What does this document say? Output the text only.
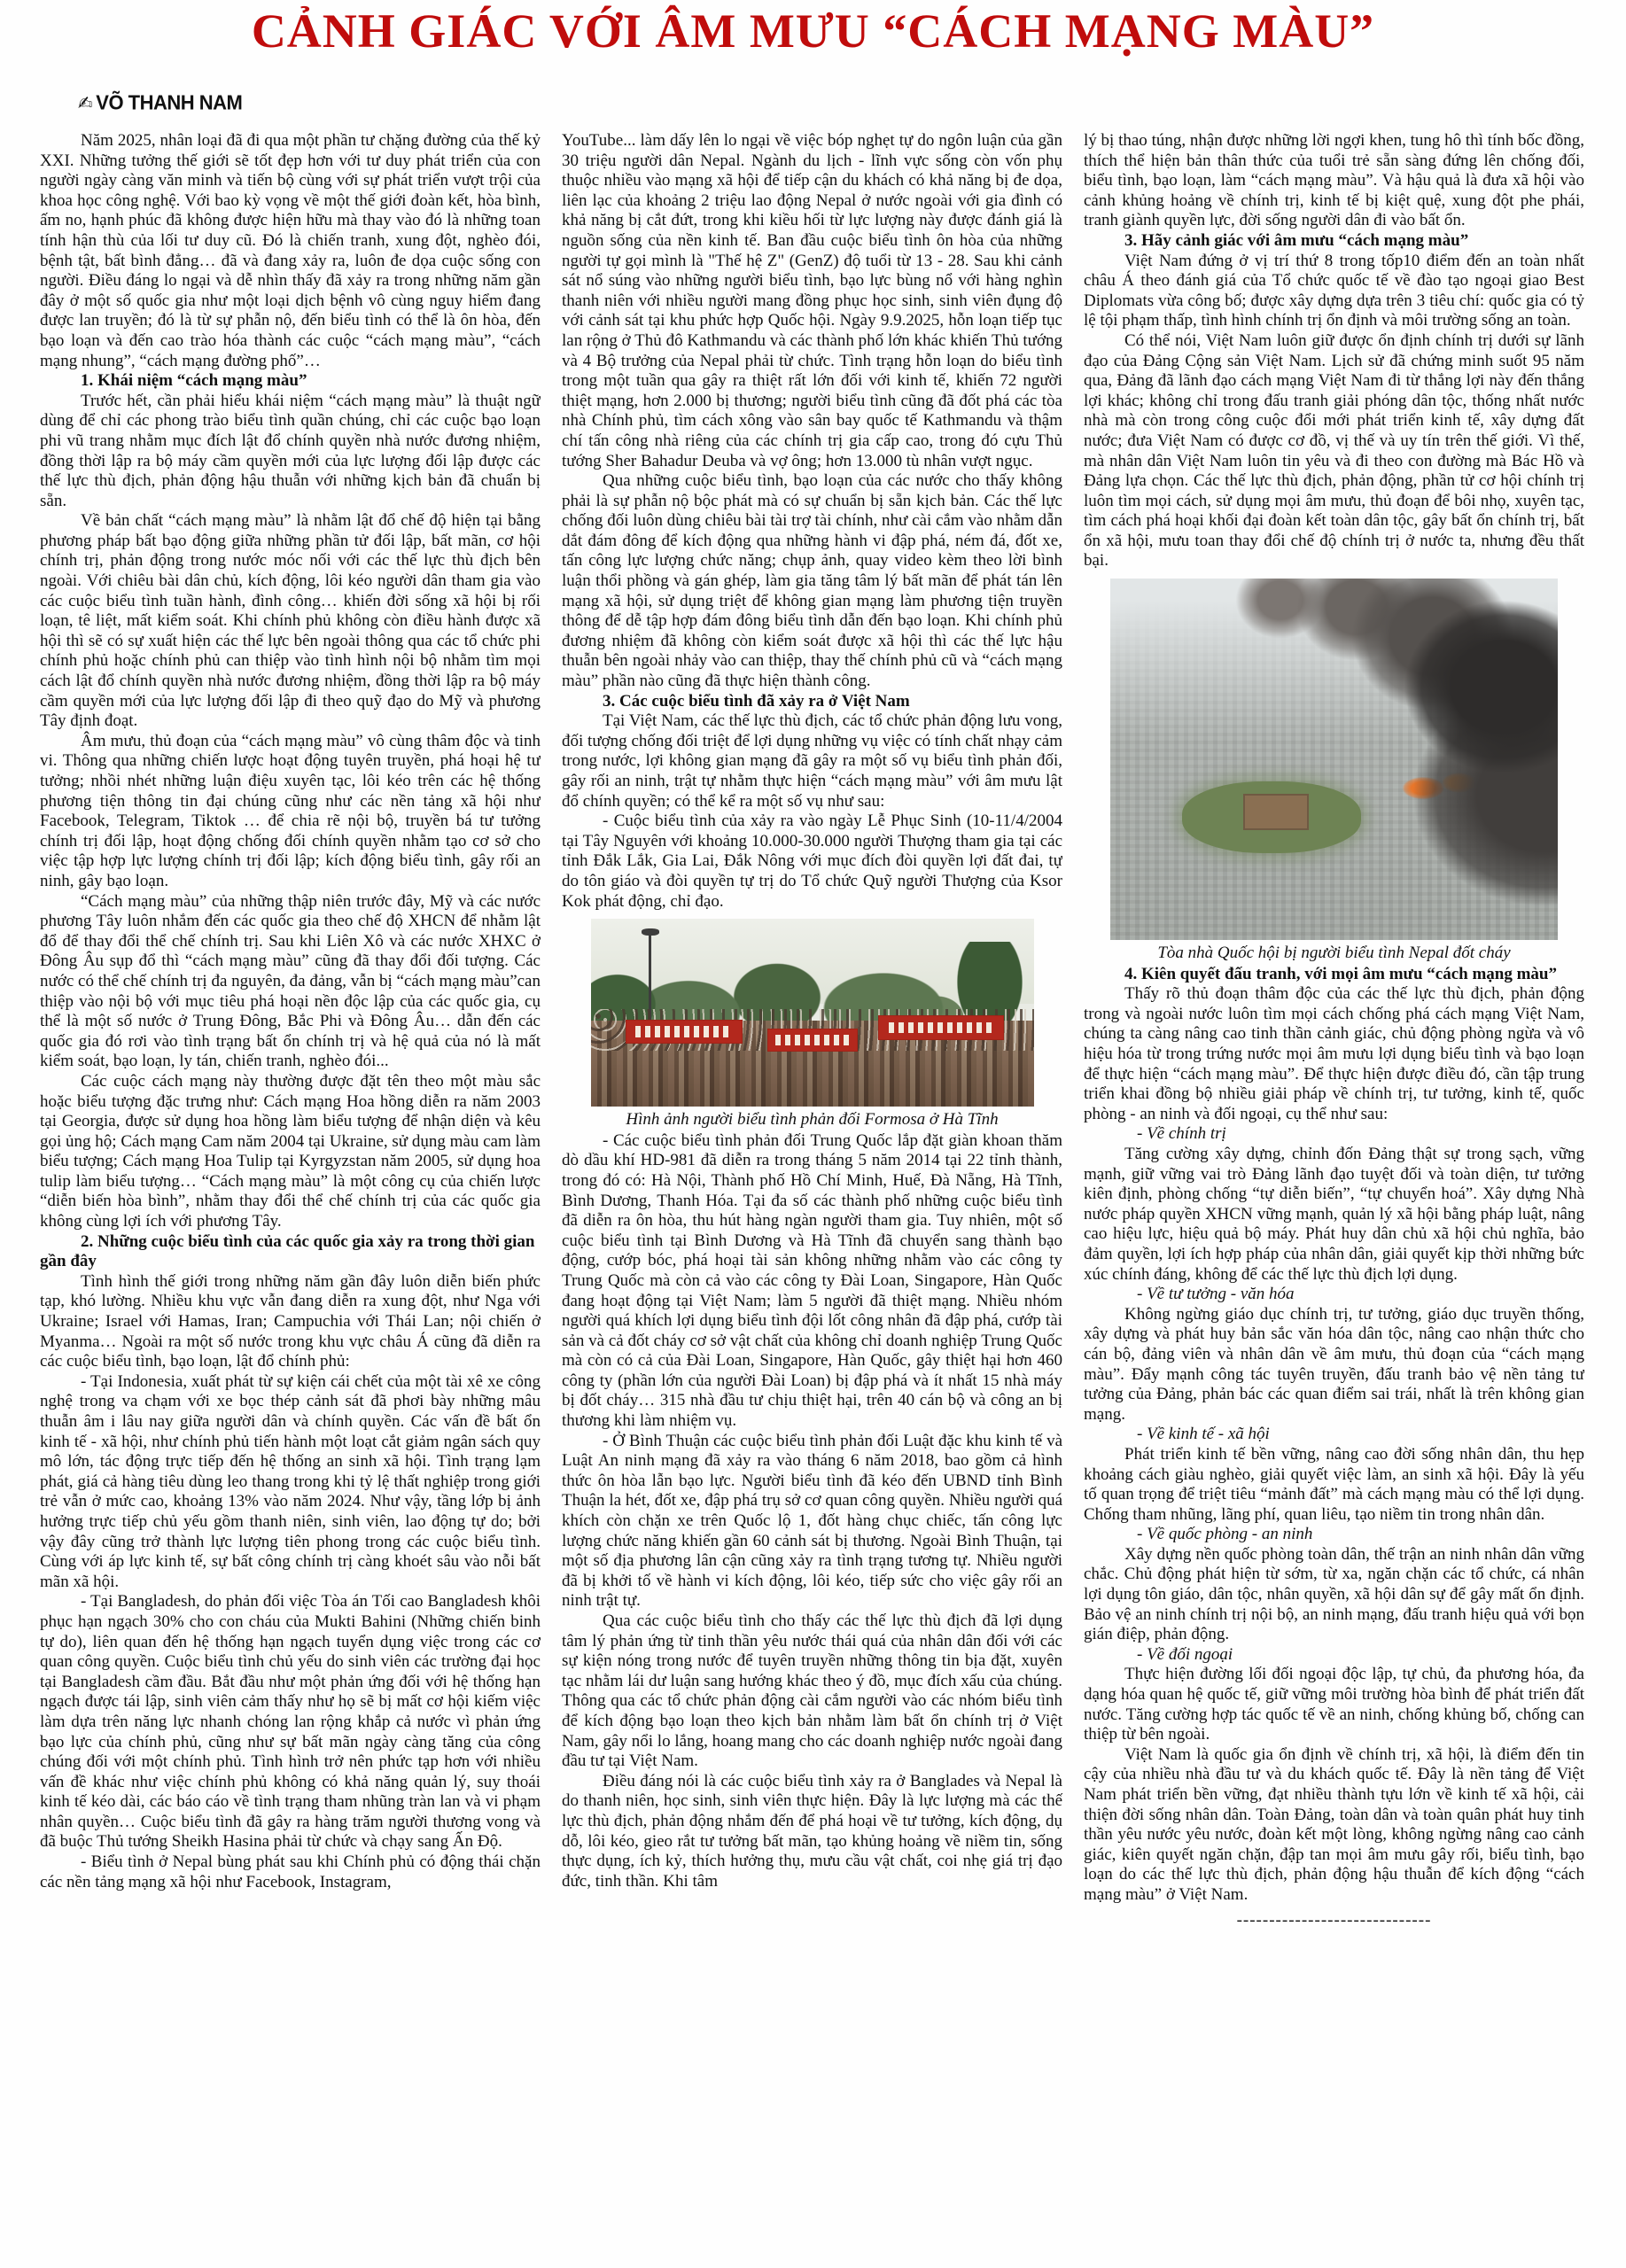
CẢNH GIÁC VỚI ÂM MƯU “CÁCH MẠNG MÀU”
✍ VÕ THANH NAM

Năm 2025, nhân loại đã đi qua một phần tư chặng đường của thế kỷ XXI. Những tưởng thế giới sẽ tốt đẹp hơn với tư duy phát triển của con người ngày càng văn minh và tiến bộ cùng với sự phát triển vượt trội của khoa học công nghệ. Với bao kỳ vọng về một thế giới đoàn kết, hòa bình, ấm no, hạnh phúc đã không được hiện hữu mà thay vào đó là những toan tính hận thù của lối tư duy cũ. Đó là chiến tranh, xung đột, nghèo đói, bệnh tật, bất bình đẳng… đã và đang xảy ra, luôn đe dọa cuộc sống con người. Điều đáng lo ngại và dễ nhìn thấy đã xảy ra trong những năm gần đây ở một số quốc gia như một loại dịch bệnh vô cùng nguy hiểm đang được lan truyền; đó là từ sự phẫn nộ, đến biểu tình có thể là ôn hòa, đến bạo loạn và đến cao trào hóa thành các cuộc “cách mạng màu”, “cách mạng nhung”, “cách mạng đường phố”…

1. Khái niệm “cách mạng màu”

Trước hết, cần phải hiểu khái niệm “cách mạng màu” là thuật ngữ dùng để chỉ các phong trào biểu tình quần chúng, chỉ các cuộc bạo loạn phi vũ trang nhằm mục đích lật đổ chính quyền nhà nước đương nhiệm, đồng thời lập ra bộ máy cầm quyền mới của lực lượng đối lập được các thế lực thù địch, phản động hậu thuẫn với những kịch bản đã chuẩn bị sẵn.

Về bản chất “cách mạng màu” là nhằm lật đổ chế độ hiện tại bằng phương pháp bất bạo động giữa những phần tử đối lập, bất mãn, cơ hội chính trị, phản động trong nước móc nối với các thế lực thù địch bên ngoài. Với chiêu bài dân chủ, kích động, lôi kéo người dân tham gia vào các cuộc biểu tình tuần hành, đình công… khiến đời sống xã hội bị rối loạn, tê liệt, mất kiểm soát. Khi chính phủ không còn điều hành được xã hội thì sẽ có sự xuất hiện các thế lực bên ngoài thông qua các tổ chức phi chính phủ hoặc chính phủ can thiệp vào tình hình nội bộ nhằm tìm mọi cách lật đổ chính quyền nhà nước đương nhiệm, đồng thời lập ra bộ máy cầm quyền mới của lực lượng đối lập đi theo quỹ đạo do Mỹ và phương Tây định đoạt.

Âm mưu, thủ đoạn của “cách mạng màu” vô cùng thâm độc và tinh vi. Thông qua những chiến lược hoạt động tuyên truyền, phá hoại hệ tư tưởng; nhồi nhét những luận điệu xuyên tạc, lôi kéo trên các hệ thống phương tiện thông tin đại chúng cũng như các nền tảng xã hội như Facebook, Telegram, Tiktok … để chia rẽ nội bộ, truyền bá tư tưởng chính trị đối lập, hoạt động chống đối chính quyền nhằm tạo cơ sở cho việc tập hợp lực lượng chính trị đối lập; kích động biểu tình, gây rối an ninh, gây bạo loạn.

“Cách mạng màu” của những thập niên trước đây, Mỹ và các nước phương Tây luôn nhắm đến các quốc gia theo chế độ XHCN để nhằm lật đổ để thay đổi thể chế chính trị. Sau khi Liên Xô và các nước XHXC ở Đông Âu sụp đổ thì “cách mạng màu” cũng đã thay đổi đối tượng. Các nước có thể chế chính trị đa nguyên, đa đảng, vẫn bị “cách mạng màu”can thiệp vào nội bộ với mục tiêu phá hoại nền độc lập của các quốc gia, cụ thể là một số nước ở Trung Đông, Bắc Phi và Đông Âu… dẫn đến các quốc gia đó rơi vào tình trạng bất ổn chính trị và hệ quả của nó là mất kiểm soát, bạo loạn, ly tán, chiến tranh, nghèo đói...

Các cuộc cách mạng này thường được đặt tên theo một màu sắc hoặc biểu tượng đặc trưng như: Cách mạng Hoa hồng diễn ra năm 2003 tại Georgia, được sử dụng hoa hồng làm biểu tượng để nhận diện và kêu gọi ủng hộ; Cách mạng Cam năm 2004 tại Ukraine, sử dụng màu cam làm biểu tượng; Cách mạng Hoa Tulip tại Kyrgyzstan năm 2005, sử dụng hoa tulip làm biểu tượng… “Cách mạng màu” là một công cụ của chiến lược “diễn biến hòa bình”, nhằm thay đổi thể chế chính trị của các quốc gia không cùng lợi ích với phương Tây.

2. Những cuộc biểu tình của các quốc gia xảy ra trong thời gian gần đây

Tình hình thế giới trong những năm gần đây luôn diễn biến phức tạp, khó lường. Nhiều khu vực vẫn đang diễn ra xung đột, như Nga với Ukraine; Israel với Hamas, Iran; Campuchia với Thái Lan; nội chiến ở Myanma… Ngoài ra một số nước trong khu vực châu Á cũng đã diễn ra các cuộc biểu tình, bạo loạn, lật đổ chính phủ:

- Tại Indonesia, xuất phát từ sự kiện cái chết của một tài xê xe công nghệ trong va chạm với xe bọc thép cảnh sát đã phơi bày những mâu thuẫn âm i lâu nay giữa người dân và chính quyền. Các vấn đề bất ổn kinh tế - xã hội, như chính phủ tiến hành một loạt cắt giảm ngân sách quy mô lớn, tác động trực tiếp đến hệ thống an sinh xã hội. Tình trạng lạm phát, giá cả hàng tiêu dùng leo thang trong khi tỷ lệ thất nghiệp trong giới trẻ vẫn ở mức cao, khoảng 13% vào năm 2024. Như vậy, tầng lớp bị ảnh hưởng trực tiếp chủ yếu gồm thanh niên, sinh viên, lao động tự do; bởi vậy đây cũng trở thành lực lượng tiên phong trong các cuộc biểu tình. Cùng với áp lực kinh tế, sự bất công chính trị càng khoét sâu vào nỗi bất mãn xã hội.

- Tại Bangladesh, do phản đối việc Tòa án Tối cao Bangladesh khôi phục hạn ngạch 30% cho con cháu của Mukti Bahini (Những chiến binh tự do), liên quan đến hệ thống hạn ngạch tuyển dụng việc trong các cơ quan công quyền. Cuộc biểu tình chủ yếu do sinh viên các trường đại học tại Bangladesh cầm đầu. Bắt đầu như một phản ứng đối với hệ thống hạn ngạch được tái lập, sinh viên cảm thấy như họ sẽ bị mất cơ hội kiếm việc làm dựa trên năng lực nhanh chóng lan rộng khắp cả nước vì phản ứng bạo lực của chính phủ, cũng như sự bất mãn ngày càng tăng của công chúng đối với một chính phủ. Tình hình trở nên phức tạp hơn với nhiều vấn đề khác như việc chính phủ không có khả năng quản lý, suy thoái kinh tế kéo dài, các báo cáo về tình trạng tham nhũng tràn lan và vi phạm nhân quyền… Cuộc biểu tình đã gây ra hàng trăm người thương vong và đã buộc Thủ tướng Sheikh Hasina phải từ chức và chạy sang Ấn Độ.

- Biểu tình ở Nepal bùng phát sau khi Chính phủ có động thái chặn các nền tảng mạng xã hội như Facebook, Instagram,

YouTube... làm dấy lên lo ngại về việc bóp nghẹt tự do ngôn luận của gần 30 triệu người dân Nepal. Ngành du lịch - lĩnh vực sống còn vốn phụ thuộc nhiều vào mạng xã hội để tiếp cận du khách có khả năng bị đe dọa, liên lạc của khoảng 2 triệu lao động Nepal ở nước ngoài với gia đình có khả năng bị cắt đứt, trong khi kiều hối từ lực lượng này được đánh giá là nguồn sống của nền kinh tế. Ban đầu cuộc biểu tình ôn hòa của những người tự gọi mình là "Thế hệ Z" (GenZ) độ tuổi từ 13 - 28. Sau khi cảnh sát nổ súng vào những người biểu tình, bạo lực bùng nổ với hàng nghìn thanh niên với nhiều người mang đồng phục học sinh, sinh viên đụng độ với cảnh sát tại khu phức hợp Quốc hội. Ngày 9.9.2025, hỗn loạn tiếp tục lan rộng ở Thủ đô Kathmandu và các thành phố lớn khác khiến Thủ tướng và 4 Bộ trưởng của Nepal phải từ chức. Tình trạng hỗn loạn do biểu tình trong một tuần qua gây ra thiệt rất lớn đối với kinh tế, khiến 72 người thiệt mạng, hơn 2.000 bị thương; người biểu tình cũng đã đốt phá các tòa nhà Chính phủ, tìm cách xông vào sân bay quốc tế Kathmandu và thậm chí tấn công nhà riêng của các chính trị gia cấp cao, trong đó cựu Thủ tướng Sher Bahadur Deuba và vợ ông; hơn 13.000 tù nhân vượt ngục.

Qua những cuộc biểu tình, bạo loạn của các nước cho thấy không phải là sự phẫn nộ bộc phát mà có sự chuẩn bị sẵn kịch bản. Các thế lực chống đối luôn dùng chiêu bài tài trợ tài chính, như cài cắm vào nhằm dẫn dắt đám đông để kích động qua những hành vi đập phá, ném đá, đốt xe, tấn công lực lượng chức năng; chụp ảnh, quay video kèm theo lời bình luận thổi phồng và gán ghép, làm gia tăng tâm lý bất mãn để phát tán lên mạng xã hội, sử dụng triệt để không gian mạng làm phương tiện truyền thông để dễ tập hợp đám đông biểu tình dẫn đến bạo loạn. Khi chính phủ đương nhiệm đã không còn kiểm soát được xã hội thì các thế lực hậu thuẫn bên ngoài nhảy vào can thiệp, thay thế chính phủ cũ và “cách mạng màu” phần nào cũng đã thực hiện thành công.

3. Các cuộc biểu tình đã xảy ra ở Việt Nam

Tại Việt Nam, các thế lực thù địch, các tổ chức phản động lưu vong, đối tượng chống đối triệt để lợi dụng những vụ việc có tính chất nhạy cảm trong nước, lợi không gian mạng đã gây ra một số vụ biểu tình phản đối, gây rối an ninh, trật tự nhằm thực hiện “cách mạng màu” với âm mưu lật đổ chính quyền; có thể kể ra một số vụ như sau:

- Cuộc biểu tình của xảy ra vào ngày Lễ Phục Sinh (10-11/4/2004 tại Tây Nguyên với khoảng 10.000-30.000 người Thượng tham gia tại các tỉnh Đắk Lắk, Gia Lai, Đắk Nông với mục đích đòi quyền lợi đất đai, tự do tôn giáo và đòi quyền tự trị do Tổ chức Quỹ người Thượng của Ksor Kok phát động, chỉ đạo.

Hình ảnh người biểu tình phản đối Formosa ở Hà Tĩnh

- Các cuộc biểu tình phản đối Trung Quốc lắp đặt giàn khoan thăm dò dầu khí HD-981 đã diễn ra trong tháng 5 năm 2014 tại 22 tỉnh thành, trong đó có: Hà Nội, Thành phố Hồ Chí Minh, Huế, Đà Nẵng, Hà Tĩnh, Bình Dương, Thanh Hóa. Tại đa số các thành phố những cuộc biểu tình đã diễn ra ôn hòa, thu hút hàng ngàn người tham gia. Tuy nhiên, một số cuộc biểu tình tại Bình Dương và Hà Tĩnh đã chuyển sang thành bạo động, cướp bóc, phá hoại tài sản không những nhằm vào các công ty Trung Quốc mà còn cả vào các công ty Đài Loan, Singapore, Hàn Quốc đang hoạt động tại Việt Nam; làm 5 người đã thiệt mạng. Nhiều nhóm người quá khích lợi dụng biểu tình đội lốt công nhân đã đập phá, cướp tài sản và cả đốt cháy cơ sở vật chất của không chỉ doanh nghiệp Trung Quốc mà còn có cả của Đài Loan, Singapore, Hàn Quốc, gây thiệt hại hơn 460 công ty (phần lớn của người Đài Loan) bị đập phá và ít nhất 15 nhà máy bị đốt cháy… 315 nhà đầu tư chịu thiệt hại, trên 40 cán bộ và công an bị thương khi làm nhiệm vụ.

- Ở Bình Thuận các cuộc biểu tình phản đối Luật đặc khu kinh tế và Luật An ninh mạng đã xảy ra vào tháng 6 năm 2018, bao gồm cả hình thức ôn hòa lẫn bạo lực. Người biểu tình đã kéo đến UBND tỉnh Bình Thuận la hét, đốt xe, đập phá trụ sở cơ quan công quyền. Nhiều người quá khích còn chặn xe trên Quốc lộ 1, đốt hàng chục chiếc, tấn công lực lượng chức năng khiến gần 60 cảnh sát bị thương. Ngoài Bình Thuận, tại một số địa phương lân cận cũng xảy ra tình trạng tương tự. Nhiều người đã bị khởi tố về hành vi kích động, lôi kéo, tiếp sức cho việc gây rối an ninh trật tự.

Qua các cuộc biểu tình cho thấy các thế lực thù địch đã lợi dụng tâm lý phản ứng từ tinh thần yêu nước thái quá của nhân dân đối với các sự kiện nóng trong nước để tuyên truyền những thông tin bịa đặt, xuyên tạc nhằm lái dư luận sang hướng khác theo ý đồ, mục đích xấu của chúng. Thông qua các tổ chức phản động cài cắm người vào các nhóm biểu tình để kích động bạo loạn theo kịch bản nhằm làm bất ổn chính trị ở Việt Nam, gây nổi lo lắng, hoang mang cho các doanh nghiệp nước ngoài đang đầu tư tại Việt Nam.

Điều đáng nói là các cuộc biểu tình xảy ra ở Banglades và Nepal là do thanh niên, học sinh, sinh viên thực hiện. Đây là lực lượng mà các thế lực thù địch, phản động nhắm đến để phá hoại về tư tưởng, kích động, dụ dỗ, lôi kéo, gieo rắt tư tưởng bất mãn, tạo khủng hoảng về niềm tin, sống thực dụng, ích kỷ, thích hưởng thụ, mưu cầu vật chất, coi nhẹ giá trị đạo đức, tinh thần. Khi tâm

lý bị thao túng, nhận được những lời ngợi khen, tung hô thì tính bốc đồng, thích thể hiện bản thân thức của tuổi trẻ sẵn sàng đứng lên chống đối, biểu tình, bạo loạn, làm “cách mạng màu”. Và hậu quả là đưa xã hội vào cảnh khủng hoảng về chính trị, kinh tế bị kiệt quệ, xung đột phe phái, tranh giành quyền lực, đời sống người dân đi vào bất ổn.

3. Hãy cảnh giác với âm mưu “cách mạng màu”

Việt Nam đứng ở vị trí thứ 8 trong tốp10 điểm đến an toàn nhất châu Á theo đánh giá của Tổ chức quốc tế về đào tạo ngoại giao Best Diplomats vừa công bố; được xây dựng dựa trên 3 tiêu chí: quốc gia có tỷ lệ tội phạm thấp, tình hình chính trị ổn định và môi trường sống an toàn.

Có thể nói, Việt Nam luôn giữ được ổn định chính trị dưới sự lãnh đạo của Đảng Cộng sản Việt Nam. Lịch sử đã chứng minh suốt 95 năm qua, Đảng đã lãnh đạo cách mạng Việt Nam đi từ thắng lợi này đến thắng lợi khác; không chỉ trong đấu tranh giải phóng dân tộc, thống nhất nước nhà mà còn trong công cuộc đổi mới phát triển kinh tế, xây dựng đất nước; đưa Việt Nam có được cơ đồ, vị thế và uy tín trên thế giới. Vì thế, mà nhân dân Việt Nam luôn tin yêu và đi theo con đường mà Bác Hồ và Đảng lựa chọn. Các thế lực thù địch, phản động, phần tử cơ hội chính trị luôn tìm mọi cách, sử dụng mọi âm mưu, thủ đoạn để bôi nhọ, xuyên tạc, tìm cách phá hoại khối đại đoàn kết toàn dân tộc, gây bất ổn chính trị, bất ổn xã hội, mưu toan thay đổi chế độ chính trị ở nước ta, nhưng đều thất bại.

Tòa nhà Quốc hội bị người biểu tình Nepal đốt cháy

4. Kiên quyết đấu tranh, với mọi âm mưu “cách mạng màu”

Thấy rõ thủ đoạn thâm độc của các thế lực thù địch, phản động trong và ngoài nước luôn tìm mọi cách chống phá cách mạng Việt Nam, chúng ta càng nâng cao tinh thần cảnh giác, chủ động phòng ngừa và vô hiệu hóa từ trong trứng nước mọi âm mưu lợi dụng biểu tình và bạo loạn để thực hiện “cách mạng màu”. Để thực hiện được điều đó, cần tập trung triển khai đồng bộ nhiều giải pháp về chính trị, tư tưởng, kinh tế, quốc phòng - an ninh và đối ngoại, cụ thể như sau:

- Về chính trị

Tăng cường xây dựng, chỉnh đốn Đảng thật sự trong sạch, vững mạnh, giữ vững vai trò Đảng lãnh đạo tuyệt đối và toàn diện, tư tưởng kiên định, phòng chống “tự diễn biến”, “tự chuyển hoá”. Xây dựng Nhà nước pháp quyền XHCN vững mạnh, quản lý xã hội bằng pháp luật, nâng cao hiệu lực, hiệu quả bộ máy. Phát huy dân chủ xã hội chủ nghĩa, bảo đảm quyền, lợi ích hợp pháp của nhân dân, giải quyết kịp thời những bức xúc chính đáng, không để các thế lực thù địch lợi dụng.

- Về tư tưởng - văn hóa

Không ngừng giáo dục chính trị, tư tưởng, giáo dục truyền thống, xây dựng và phát huy bản sắc văn hóa dân tộc, nâng cao nhận thức cho cán bộ, đảng viên và nhân dân về âm mưu, thủ đoạn của “cách mạng màu”. Đẩy mạnh công tác tuyên truyền, đấu tranh bảo vệ nền tảng tư tưởng của Đảng, phản bác các quan điểm sai trái, nhất là trên không gian mạng.

- Về kinh tế - xã hội

Phát triển kinh tế bền vững, nâng cao đời sống nhân dân, thu hẹp khoảng cách giàu nghèo, giải quyết việc làm, an sinh xã hội. Đây là yếu tố quan trọng để triệt tiêu “mảnh đất” mà cách mạng màu có thể lợi dụng. Chống tham nhũng, lãng phí, quan liêu, tạo niềm tin trong nhân dân.

- Về quốc phòng - an ninh

Xây dựng nền quốc phòng toàn dân, thế trận an ninh nhân dân vững chắc. Chủ động phát hiện từ sớm, từ xa, ngăn chặn các tổ chức, cá nhân lợi dụng tôn giáo, dân tộc, nhân quyền, xã hội dân sự để gây mất ổn định. Bảo vệ an ninh chính trị nội bộ, an ninh mạng, đấu tranh hiệu quả với bọn gián điệp, phản động.

- Về đối ngoại

Thực hiện đường lối đối ngoại độc lập, tự chủ, đa phương hóa, đa dạng hóa quan hệ quốc tế, giữ vững môi trường hòa bình để phát triển đất nước. Tăng cường hợp tác quốc tế về an ninh, chống khủng bố, chống can thiệp từ bên ngoài.

Việt Nam là quốc gia ổn định về chính trị, xã hội, là điểm đến tin cậy của nhiều nhà đầu tư và du khách quốc tế. Đây là nền tảng để Việt Nam phát triển bền vững, đạt nhiều thành tựu lớn về kinh tế xã hội, cải thiện đời sống nhân dân. Toàn Đảng, toàn dân và toàn quân phát huy tinh thần yêu nước yêu nước, đoàn kết một lòng, không ngừng nâng cao cảnh giác, kiên quyết ngăn chặn, đập tan mọi âm mưu gây rối, biểu tình, bạo loạn do các thế lực thù địch, phản động hậu thuẫn để kích động “cách mạng màu” ở Việt Nam.

------------------------------
